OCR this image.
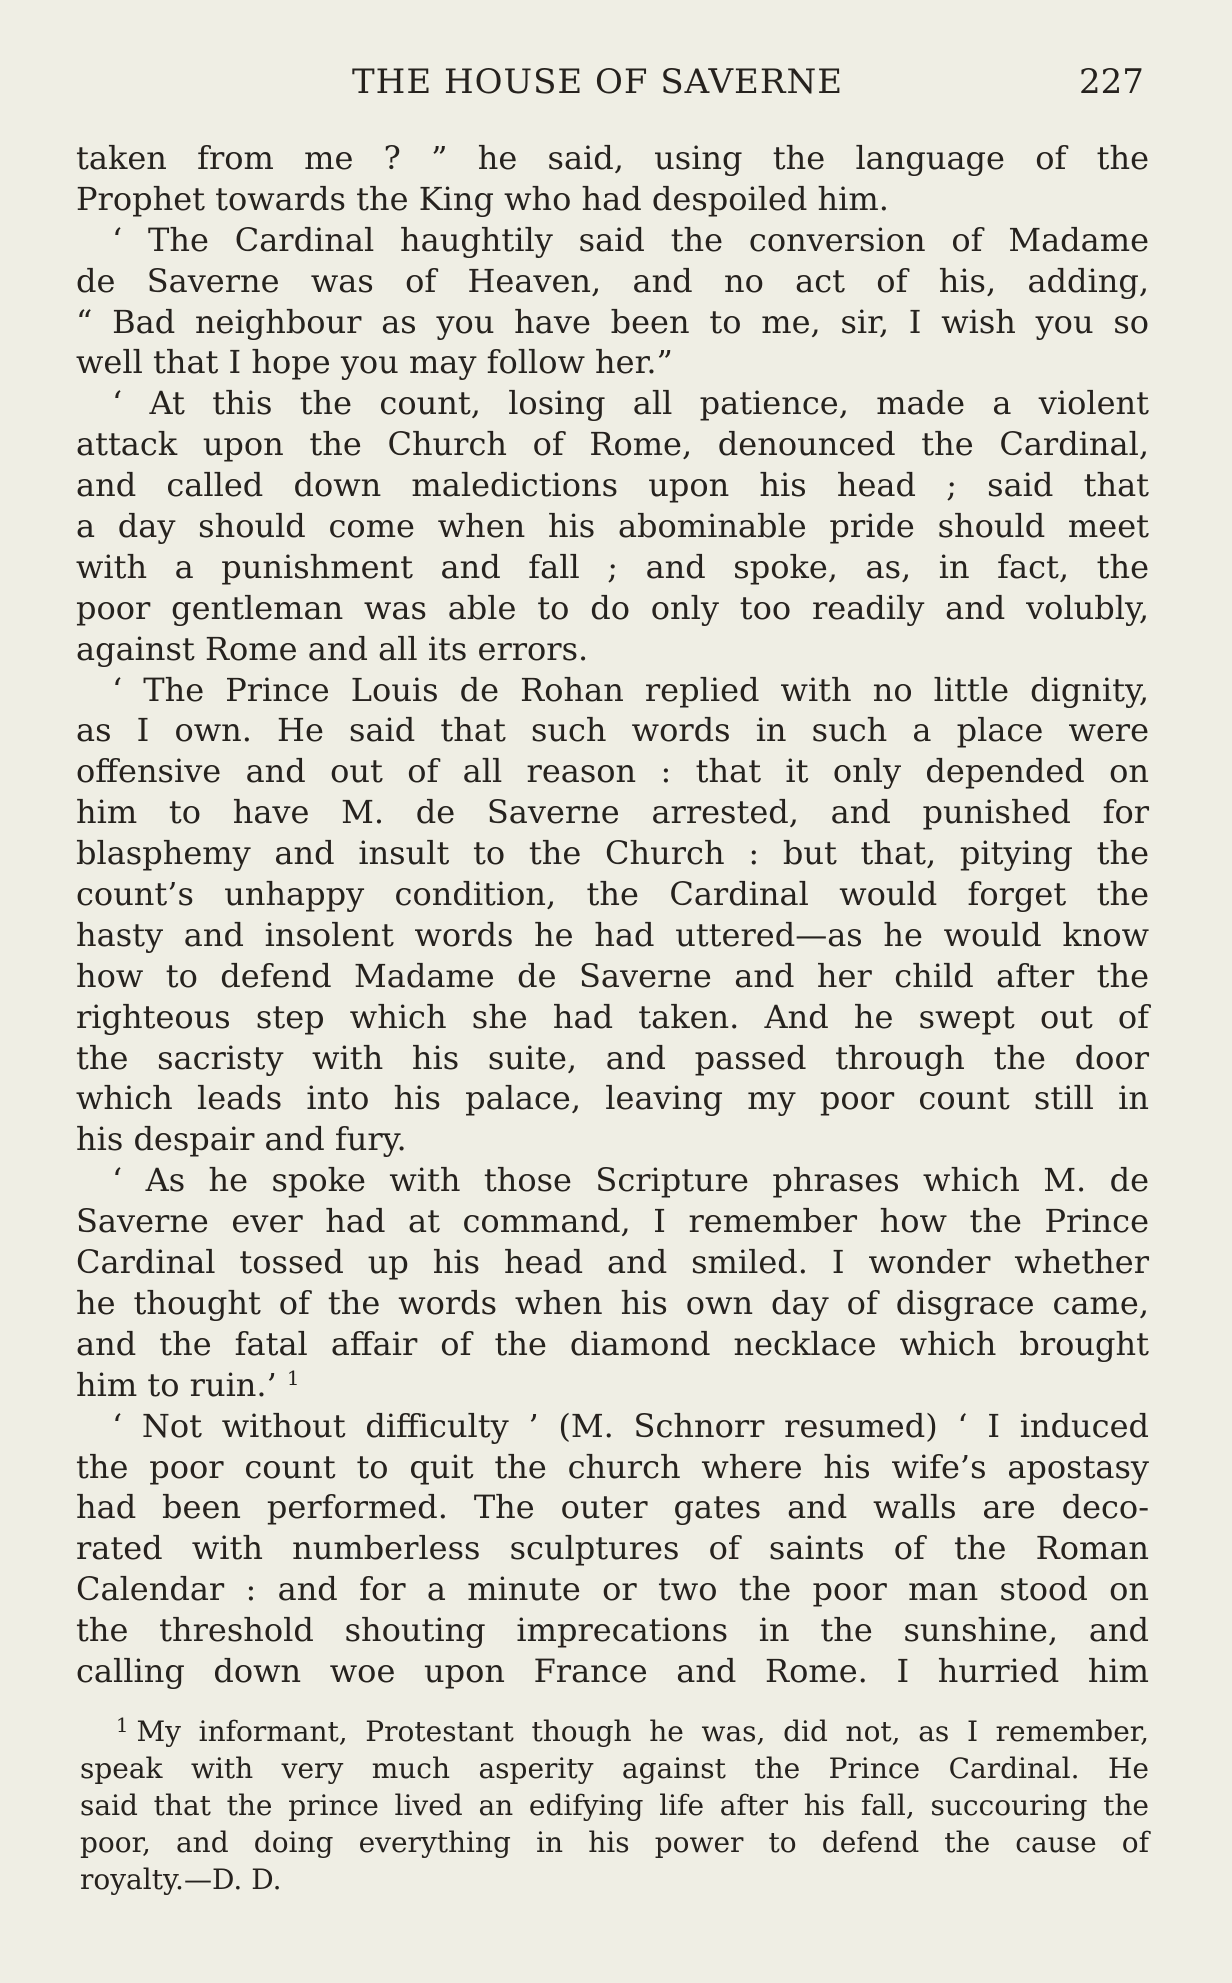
THE HOUSE OF SAVERNE	227
taken from me ? ” he said, using the language of the
Prophet towards the King who had despoiled him.
‘ The Cardinal haughtily said the conversion of Madame
de Saverne was of Heaven, and no act of his, adding,
“ Bad neighbour as you have been to me, sir, I wish you so
well that I hope you may follow her.”
‘ At this the count, losing all patience, made a violent
attack upon the Church of Rome, denounced the Cardinal,
and called down maledictions upon his head ; said that
a day should come when his abominable pride should meet
with a punishment and fall ; and spoke, as, in fact, the
poor gentleman was able to do only too readily and volubly,
against Rome and all its errors.
‘ The Prince Louis de Rohan replied with no little dignity,
as I own. He said that such words in such a place were
offensive and out of all reason : that it only depended on
him to have M. de Saverne arrested, and punished for
blasphemy and insult to the Church : but that, pitying the
count’s unhappy condition, the Cardinal would forget the
hasty and insolent words he had uttered—as he would know
how to defend Madame de Saverne and her child after the
righteous step which she had taken. And he swept out of
the sacristy with his suite, and passed through the door
which leads into his palace, leaving my poor count still in
his despair and fury.
‘ As he spoke with those Scripture phrases which M. de
Saverne ever had at command, I remember how the Prince
Cardinal tossed up his head and smiled. I wonder whether
he thought of the words when his own day of disgrace came,
and the fatal affair of the diamond necklace which brought
him to ruin.’ $^1$
‘ Not without difficulty ’ (M. Schnorr resumed) ‘ I induced
the poor count to quit the church where his wife’s apostasy
had been performed. The outer gates and walls are deco-
rated with numberless sculptures of saints of the Roman
Calendar : and for a minute or two the poor man stood on
the threshold shouting imprecations in the sunshine, and
calling down woe upon France and Rome. I hurried him
$^1$ My informant, Protestant though he was, did not, as I remember,
speak with very much asperity against the Prince Cardinal. He
said that the prince lived an edifying life after his fall, succouring the
poor, and doing everything in his power to defend the cause of
royalty.—D. D.
